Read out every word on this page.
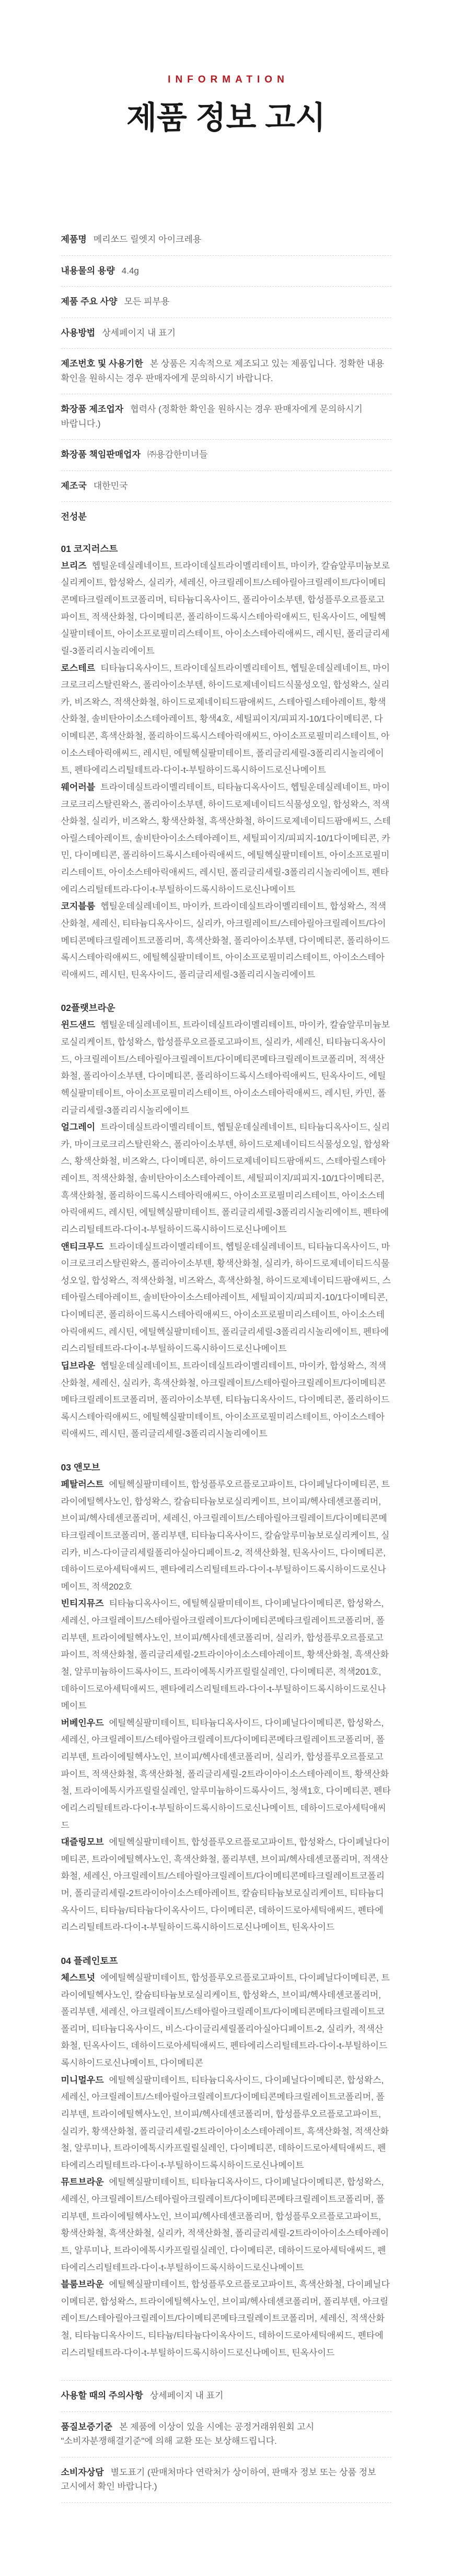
INFORMATION
제품 정보 고시
제품명 메리쏘드 릴엣지 아이크레용
내용물의 용량 4.4g
제품 주요 사양 모든 피부용
사용방법 상세페이지 내 표기
제조번호 및 사용기한 본 상품은 지속적으로 제조되고 있는 제품입니다. 정확한 내용 확인을 원하시는 경우 판매자에게 문의하시기 바랍니다.
화장품 제조업자 협력사 (정확한 확인을 원하시는 경우 판매자에게 문의하시기 바랍니다.)
화장품 책임판매업자 ㈜용감한미녀들
제조국 대한민국
전성분
01 코지러스트

브리즈 헵틸운데실레네이트, 트라이데실트라이멜리테이트, 마이카, 칼슘알루미늄보로실리케이트, 합성왁스, 실리카, 세레신, 아크릴레이트/스테아릴아크릴레이트/다이메티콘메타크릴레이트코폴리머, 티타늄디옥사이드, 폴리아이소부텐, 합성플루오르플로고파이트, 적색산화철, 다이메티콘, 폴리하이드록시스테아릭애씨드, 틴옥사이드, 에틸헥실팔미테이트, 아이소프로필미리스테이트, 아이소스테아릭애씨드, 레시틴, 폴리글리세릴-3폴리리시놀리에이트

로스테르 티타늄디옥사이드, 트라이데실트라이멜리테이트, 헵틸운데실레네이트, 마이크로크리스탈린왁스, 폴리아이소부텐, 하이드로제네이티드식물성오일, 합성왁스, 실리카, 비즈왁스, 적색산화철, 하이드로제네이티드팜애씨드, 스테아릴스테아레이트, 황색산화철, 솔비탄아이소스테아레이트, 황색4호, 세틸피이지/피피지-10/1다이메티콘, 다이메티콘, 흑색산화철, 폴리하이드록시스테아릭애씨드, 아이소프로필미리스테이트, 아이소스테아릭애씨드, 레시틴, 에틸헥실팔미테이트, 폴리글리세릴-3폴리리시놀리에이트, 펜타에리스리틸테트라-다이-t-부틸하이드록시하이드로신나메이트

웨어러블 트라이데실트라이멜리테이트, 티타늄디옥사이드, 헵틸운데실레네이트, 마이크로크리스탈린왁스, 폴리아이소부텐, 하이드로제네이티드식물성오일, 합성왁스, 적색산화철, 실리카, 비즈왁스, 황색산화철, 흑색산화철, 하이드로제네이티드팜애씨드, 스테아릴스테아레이트, 솔비탄아이소스테아레이트, 세틸피이지/피피지-10/1다이메티콘, 카민, 다이메티콘, 폴리하이드록시스테아릭애씨드, 에틸헥실팔미테이트, 아이소프로필미리스테이트, 아이소스테아릭애씨드, 레시틴, 폴리글리세릴-3폴리리시놀리에이트, 펜타에리스리틸테트라-다이-t-부틸하이드록시하이드로신나메이트

코지블룸 헵틸운데실레네이트, 마이카, 트라이데실트라이멜리테이트, 합성왁스, 적색산화철, 세레신, 티타늄디옥사이드, 실리카, 아크릴레이트/스테아릴아크릴레이트/다이메티콘메타크릴레이트코폴리머, 흑색산화철, 폴리아이소부텐, 다이메티콘, 폴리하이드록시스테아릭애씨드, 에틸헥실팔미테이트, 아이소프로필미리스테이트, 아이소스테아릭애씨드, 레시틴, 틴옥사이드, 폴리글리세릴-3폴리리시놀리에이트

02플랫브라운

윈드샌드 헵틸운데실레네이트, 트라이데실트라이멜리테이트, 마이카, 칼슘알루미늄보로실리케이트, 합성왁스, 합성플루오르플로고파이트, 실리카, 세레신, 티타늄디옥사이드, 아크릴레이트/스테아릴아크릴레이트/다이메티콘메타크릴레이트코폴리머, 적색산화철, 폴리아이소부텐, 다이메티콘, 폴리하이드록시스테아릭애씨드, 틴옥사이드, 에틸헥실팔미테이트, 아이소프로필미리스테이트, 아이소스테아릭애씨드, 레시틴, 카민, 폴리글리세릴-3폴리리시놀리에이트

얼그레이 트라이데실트라이멜리테이트, 헵틸운데실레네이트, 티타늄디옥사이드, 실리카, 마이크로크리스탈린왁스, 폴리아이소부텐, 하이드로제네이티드식물성오일, 합성왁스, 황색산화철, 비즈왁스, 다이메티콘, 하이드로제네이티드팜애씨드, 스테아릴스테아레이트, 적색산화철, 솔비탄아이소스테아레이트, 세틸피이지/피피지-10/1다이메티콘, 흑색산화철, 폴리하이드록시스테아릭애씨드, 아이소프로필미리스테이트, 아이소스테아릭애씨드, 레시틴, 에틸헥실팔미테이트, 폴리글리세릴-3폴리리시놀리에이트, 펜타에리스리틸테트라-다이-t-부틸하이드록시하이드로신나메이트

앤티크무드 트라이데실트라이멜리테이트, 헵틸운데실레네이트, 티타늄디옥사이드, 마이크로크리스탈린왁스, 폴리아이소부텐, 황색산화철, 실리카, 하이드로제네이티드식물성오일, 합성왁스, 적색산화철, 비즈왁스, 흑색산화철, 하이드로제네이티드팜애씨드, 스테아릴스테아레이트, 솔비탄아이소스테아레이트, 세틸피이지/피피지-10/1다이메티콘, 다이메티콘, 폴리하이드록시스테아릭애씨드, 아이소프로필미리스테이트, 아이소스테아릭애씨드, 레시틴, 에틸헥실팔미테이트, 폴리글리세릴-3폴리리시놀리에이트, 펜타에리스리틸테트라-다이-t-부틸하이드록시하이드로신나메이트

딥브라운 헵틸운데실레네이트, 트라이데실트라이멜리테이트, 마이카, 합성왁스, 적색산화철, 세레신, 실리카, 흑색산화철, 아크릴레이트/스테아릴아크릴레이트/다이메티콘메타크릴레이트코폴리머, 폴리아이소부텐, 티타늄디옥사이드, 다이메티콘, 폴리하이드록시스테아릭애씨드, 에틸헥실팔미테이트, 아이소프로필미리스테이트, 아이소스테아릭애씨드, 레시틴, 폴리글리세릴-3폴리리시놀리에이트

03 앤모브

페탈러스트 에틸헥실팔미테이트, 합성플루오르플로고파이트, 다이페닐다이메티콘, 트라이에틸헥사노인, 합성왁스, 칼슘티타늄보로실리케이트, 브이피/헥사데센코폴리머, 브이피/헥사데센코폴리머, 세레신, 아크릴레이트/스테아릴아크릴레이트/다이메티콘메타크릴레이트코폴리머, 폴리부텐, 티타늄디옥사이드, 칼슘알루미늄보로실리케이트, 실리카, 비스-다이글리세릴폴리아실아디페이트-2, 적색산화철, 틴옥사이드, 다이메티콘, 데하이드로아세틱애씨드, 펜타에리스리틸테트라-다이-t-부틸하이드록시하이드로신나메이트, 적색202호

빈티지뮤즈 티타늄디옥사이드, 에틸헥실팔미테이트, 다이페닐다이메티콘, 합성왁스, 세레신, 아크릴레이트/스테아릴아크릴레이트/다이메티콘메타크릴레이트코폴리머, 폴리부텐, 트라이에틸헥사노인, 브이피/헥사데센코폴리머, 실리카, 합성플루오르플로고파이트, 적색산화철, 폴리글리세릴-2트라이아이소스테아레이트, 황색산화철, 흑색산화철, 알루미늄하이드록사이드, 트라이에톡시카프릴릴실레인, 다이메티콘, 적색201호, 데하이드로아세틱애씨드, 펜타에리스리틸테트라-다이-t-부틸하이드록시하이드로신나메이트

버베인우드 에틸헥실팔미테이트, 티타늄디옥사이드, 다이페닐다이메티콘, 합성왁스, 세레신, 아크릴레이트/스테아릴아크릴레이트/다이메티콘메타크릴레이트코폴리머, 폴리부텐, 트라이에틸헥사노인, 브이피/헥사데센코폴리머, 실리카, 합성플루오르플로고파이트, 적색산화철, 흑색산화철, 폴리글리세릴-2트라이아이소스테아레이트, 황색산화철, 트라이에톡시카프릴릴실레인, 알루미늄하이드록사이드, 청색1호, 다이메티콘, 펜타에리스리틸테트라-다이-t-부틸하이드록시하이드로신나메이트, 데하이드로아세틱애씨드

대즐링모브 에틸헥실팔미테이트, 합성플루오르플로고파이트, 합성왁스, 다이페닐다이메티콘, 트라이에틸헥사노인, 흑색산화철, 폴리부텐, 브이피/헥사데센코폴리머, 적색산화철, 세레신, 아크릴레이트/스테아릴아크릴레이트/다이메티콘메타크릴레이트코폴리머, 폴리글리세릴-2트라이아이소스테아레이트, 칼슘티타늄보로실리케이트, 티타늄디옥사이드, 티타늄/티타늄다이옥사이드, 다이메티콘, 데하이드로아세틱애씨드, 펜타에리스리틸테트라-다이-t-부틸하이드록시하이드로신나메이트, 틴옥사이드

04 플레인토프

체스트넛 에에틸헥실팔미테이트, 합성플루오르플로고파이트, 다이페닐다이메티콘, 트라이에틸헥사노인, 칼슘티타늄보로실리케이트, 합성왁스, 브이피/헥사데센코폴리머, 폴리부텐, 세레신, 아크릴레이트/스테아릴아크릴레이트/다이메티콘메타크릴레이트코폴리머, 티타늄디옥사이드, 비스-다이글리세릴폴리아실아디페이트-2, 실리카, 적색산화철, 틴옥사이드, 데하이드로아세틱애씨드, 펜타에리스리틸테트라-다이-t-부틸하이드록시하이드로신나메이트, 다이메티콘

미니멀우드 에틸헥실팔미테이트, 티타늄디옥사이드, 다이페닐다이메티콘, 합성왁스, 세레신, 아크릴레이트/스테아릴아크릴레이트/다이메티콘메타크릴레이트코폴리머, 폴리부텐, 트라이에틸헥사노인, 브이피/헥사데센코폴리머, 합성플루오르플로고파이트, 실리카, 황색산화철, 폴리글리세릴-2트라이아이소스테아레이트, 흑색산화철, 적색산화철, 알루미나, 트라이에톡시카프릴릴실레인, 다이메티콘, 데하이드로아세틱애씨드, 펜타에리스리틸테트라-다이-t-부틸하이드록시하이드로신나메이트

뮤트브라운 에틸헥실팔미테이트, 티타늄디옥사이드, 다이페닐다이메티콘, 합성왁스, 세레신, 아크릴레이트/스테아릴아크릴레이트/다이메티콘메타크릴레이트코폴리머, 폴리부텐, 트라이에틸헥사노인, 브이피/헥사데센코폴리머, 합성플루오르플로고파이트, 황색산화철, 흑색산화철, 실리카, 적색산화철, 폴리글리세릴-2트라이아이소스테아레이트, 알루미나, 트라이에톡시카프릴릴실레인, 다이메티콘, 데하이드로아세틱애씨드, 펜타에리스리틸테트라-다이-t-부틸하이드록시하이드로신나메이트

블룸브라운 에틸헥실팔미테이트, 합성플루오르플로고파이트, 흑색산화철, 다이페닐다이메티콘, 합성왁스, 트라이에틸헥사노인, 브이피/헥사데센코폴리머, 폴리부텐, 아크릴레이트/스테아릴아크릴레이트/다이메티콘메타크릴레이트코폴리머, 세레신, 적색산화철, 티타늄디옥사이드, 티타늄/티타늄다이옥사이드, 데하이드로아세틱애씨드, 펜타에리스리틸테트라-다이-t-부틸하이드록시하이드로신나메이트, 틴옥사이드

사용할 때의 주의사항 상세페이지 내 표기
품질보증기준 본 제품에 이상이 있을 시에는 공정거래위원회 고시 "소비자분쟁해결기준"에 의해 교환 또는 보상해드립니다.
소비자상담 별도표기 (판매처마다 연락처가 상이하여, 판매자 정보 또는 상품 정보 고시에서 확인 바랍니다.)
